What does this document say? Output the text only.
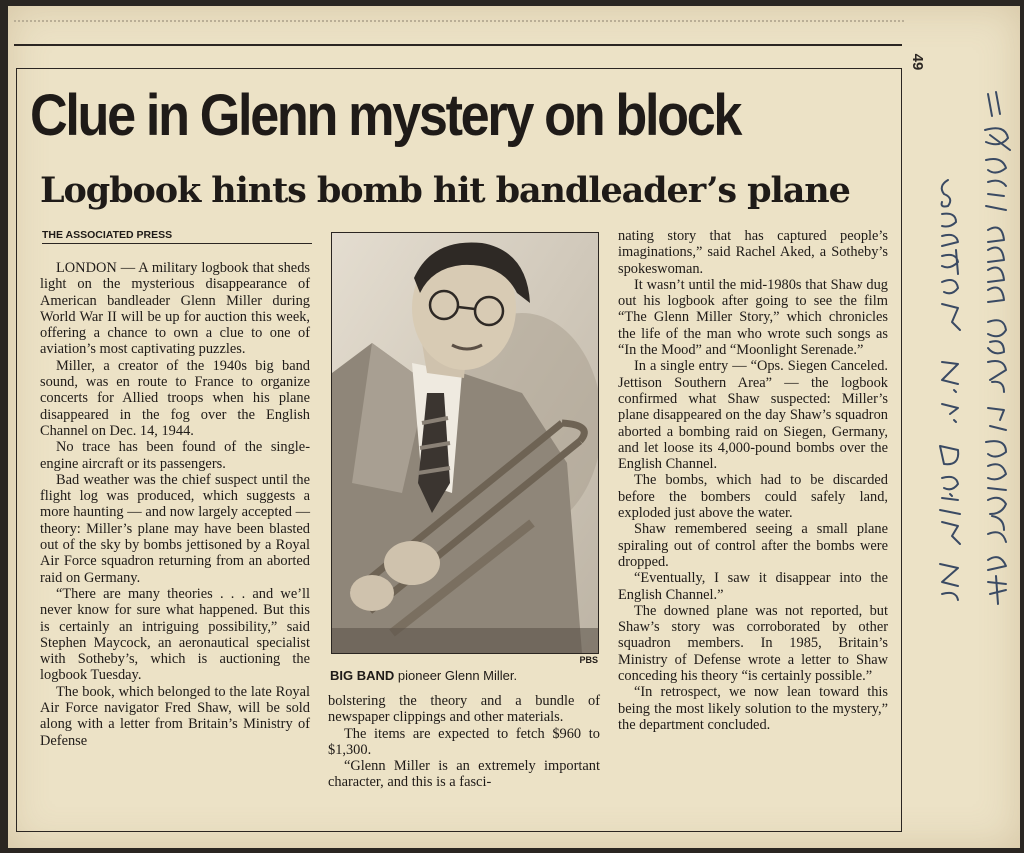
49
Clue in Glenn mystery on block
Logbook hints bomb hit bandleader’s plane
THE ASSOCIATED PRESS

LONDON — A military logbook that sheds light on the mysterious disappearance of American bandleader Glenn Miller during World War II will be up for auction this week, offering a chance to own a clue to one of aviation’s most captivating puzzles.

Miller, a creator of the 1940s big band sound, was en route to France to organize concerts for Allied troops when his plane disappeared in the fog over the English Channel on Dec. 14, 1944.

No trace has been found of the single-engine aircraft or its passengers.

Bad weather was the chief suspect until the flight log was produced, which suggests a more haunting — and now largely accepted — theory: Miller’s plane may have been blasted out of the sky by bombs jettisoned by a Royal Air Force squadron returning from an aborted raid on Germany.

“There are many theories . . . and we’ll never know for sure what happened. But this is certainly an intriguing possibility,” said Stephen Maycock, an aeronautical specialist with Sotheby’s, which is auctioning the logbook Tuesday.

The book, which belonged to the late Royal Air Force navigator Fred Shaw, will be sold along with a letter from Britain’s Ministry of Defense

PBS
BIG BAND pioneer Glenn Miller.

bolstering the theory and a bundle of newspaper clippings and other materials.

The items are expected to fetch $960 to $1,300.

“Glenn Miller is an extremely important character, and this is a fasci-

nating story that has captured people’s imaginations,” said Rachel Aked, a Sotheby’s spokeswoman.

It wasn’t until the mid-1980s that Shaw dug out his logbook after going to see the film “The Glenn Miller Story,” which chronicles the life of the man who wrote such songs as “In the Mood” and “Moonlight Serenade.”

In a single entry — “Ops. Siegen Canceled. Jettison Southern Area” — the logbook confirmed what Shaw suspected: Miller’s plane disappeared on the day Shaw’s squadron aborted a bombing raid on Siegen, Germany, and let loose its 4,000-pound bombs over the English Channel.

The bombs, which had to be discarded before the bombers could safely land, exploded just above the water.

Shaw remembered seeing a small plane spiraling out of control after the bombs were dropped.

“Eventually, I saw it disappear into the English Channel.”

The downed plane was not reported, but Shaw’s story was corroborated by other squadron members. In 1985, Britain’s Ministry of Defense wrote a letter to Shaw conceding his theory “is certainly possible.”

“In retrospect, we now lean toward this being the most likely solution to the mystery,” the department concluded.
